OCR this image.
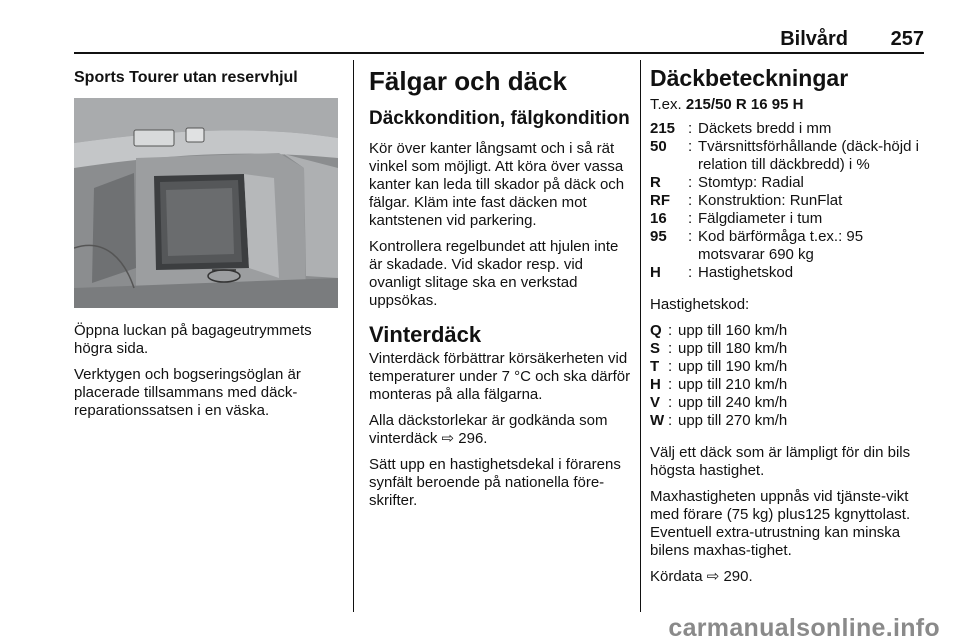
Bilvård 257
Sports Tourer utan reservhjul
Öppna luckan på bagageutrymmets högra sida.
Verktygen och bogseringsöglan är placerade tillsammans med däck-reparationssatsen i en väska.
Fälgar och däck
Däckkondition, fälgkondition
Kör över kanter långsamt och i så rät vinkel som möjligt. Att köra över vassa kanter kan leda till skador på däck och fälgar. Kläm inte fast däcken mot kantstenen vid parkering.
Kontrollera regelbundet att hjulen inte är skadade. Vid skador resp. vid ovanligt slitage ska en verkstad uppsökas.
Vinterdäck
Vinterdäck förbättrar körsäkerheten vid temperaturer under 7 °C och ska därför monteras på alla fälgarna.
Alla däckstorlekar är godkända som vinterdäck ⇨ 296.
Sätt upp en hastighetsdekal i förarens synfält beroende på nationella före-skrifter.
Däckbeteckningar
T.ex. 215/50 R 16 95 H
215 : Däckets bredd i mm
50	: Tvärsnittsförhållande (däck-höjd i relation till däckbredd) i %
R	: Stomtyp: Radial
RF	: Konstruktion: RunFlat
16	: Fälgdiameter i tum
95	: Kod bärförmåga t.ex.: 95 motsvarar 690 kg
H	: Hastighetskod
Hastighetskod:
Q : upp till 160 km/h
S : upp till 180 km/h
T : upp till 190 km/h
H : upp till 210 km/h
V : upp till 240 km/h
W : upp till 270 km/h
Välj ett däck som är lämpligt för din bils högsta hastighet.
Maxhastigheten uppnås vid tjänste-vikt med förare (75 kg) plus125 kgnyttolast. Eventuell extra-utrustning kan minska bilens maxhas-tighet.
Kördata ⇨ 290.
carmanualsonline.info
